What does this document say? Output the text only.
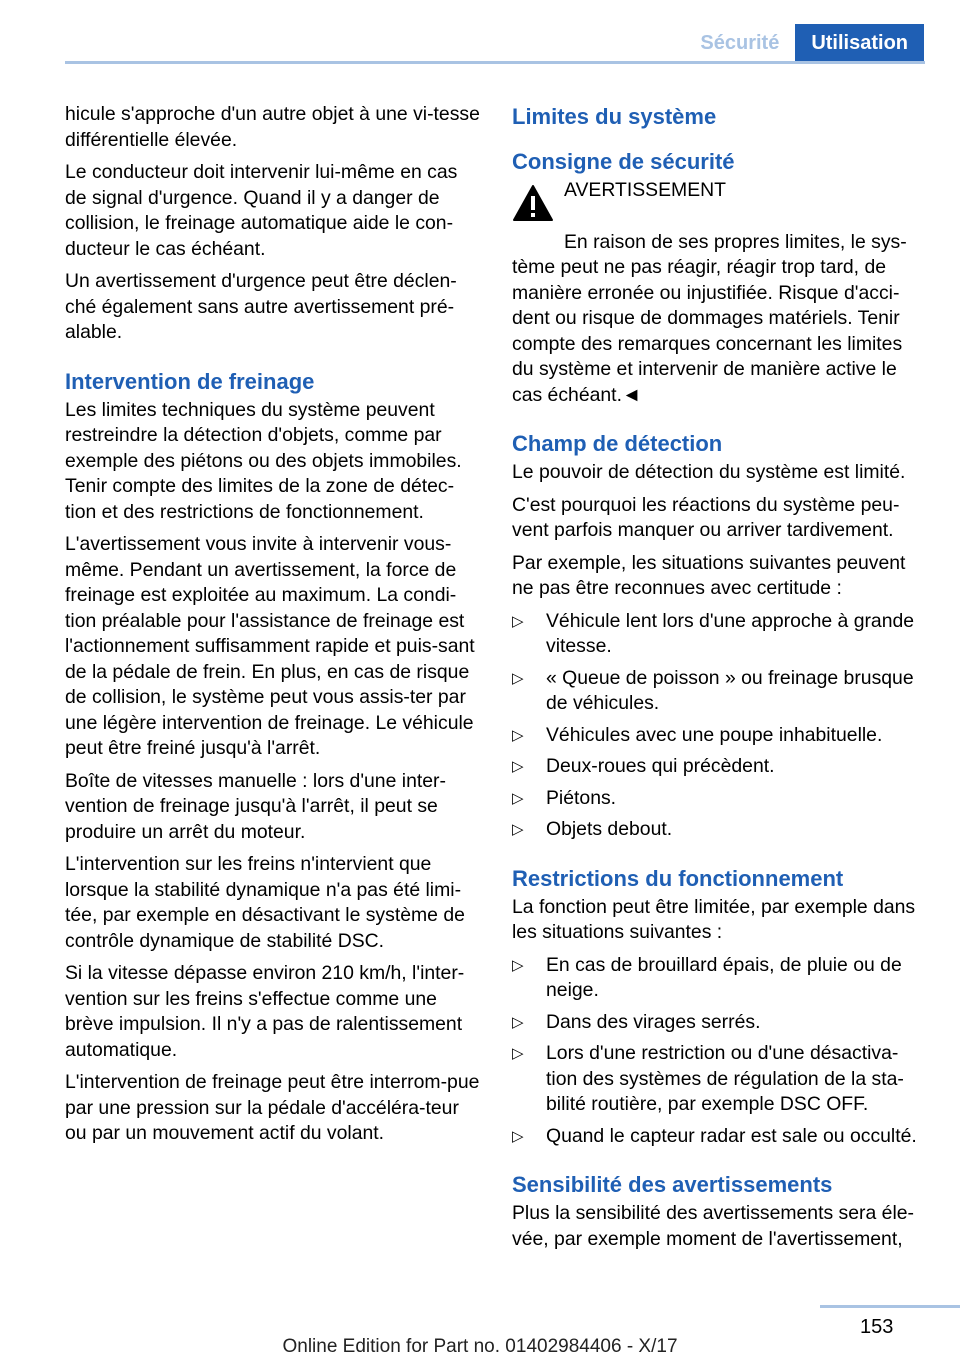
Sécurité	Utilisation

hicule s'approche d'un autre objet à une vi-tesse différentielle élevée.

Le conducteur doit intervenir lui-même en cas de signal d'urgence. Quand il y a danger de collision, le freinage automatique aide le con-ducteur le cas échéant.

Un avertissement d'urgence peut être déclen-ché également sans autre avertissement pré-alable.

Intervention de freinage

Les limites techniques du système peuvent restreindre la détection d'objets, comme par exemple des piétons ou des objets immobiles. Tenir compte des limites de la zone de détec-tion et des restrictions de fonctionnement.

L'avertissement vous invite à intervenir vous-même. Pendant un avertissement, la force de freinage est exploitée au maximum. La condi-tion préalable pour l'assistance de freinage est l'actionnement suffisamment rapide et puis-sant de la pédale de frein. En plus, en cas de risque de collision, le système peut vous assis-ter par une légère intervention de freinage. Le véhicule peut être freiné jusqu'à l'arrêt.

Boîte de vitesses manuelle : lors d'une inter-vention de freinage jusqu'à l'arrêt, il peut se produire un arrêt du moteur.

L'intervention sur les freins n'intervient que lorsque la stabilité dynamique n'a pas été limi-tée, par exemple en désactivant le système de contrôle dynamique de stabilité DSC.

Si la vitesse dépasse environ 210 km/h, l'inter-vention sur les freins s'effectue comme une brève impulsion. Il n'y a pas de ralentissement automatique.

L'intervention de freinage peut être interrom-pue par une pression sur la pédale d'accéléra-teur ou par un mouvement actif du volant.

Limites du système
Consigne de sécurité

AVERTISSEMENT

En raison de ses propres limites, le sys-tème peut ne pas réagir, réagir trop tard, de manière erronée ou injustifiée. Risque d'acci-dent ou risque de dommages matériels. Tenir compte des remarques concernant les limites du système et intervenir de manière active le cas échéant.◄

Champ de détection

Le pouvoir de détection du système est limité.

C'est pourquoi les réactions du système peu-vent parfois manquer ou arriver tardivement.

Par exemple, les situations suivantes peuvent ne pas être reconnues avec certitude :

▷	Véhicule lent lors d'une approche à grande vitesse.
▷	« Queue de poisson » ou freinage brusque de véhicules.
▷	Véhicules avec une poupe inhabituelle.
▷	Deux-roues qui précèdent.
▷	Piétons.
▷	Objets debout.
Restrictions du fonctionnement

La fonction peut être limitée, par exemple dans les situations suivantes :

▷	En cas de brouillard épais, de pluie ou de neige.
▷	Dans des virages serrés.
▷	Lors d'une restriction ou d'une désactiva-tion des systèmes de régulation de la sta-bilité routière, par exemple DSC OFF.
▷	Quand le capteur radar est sale ou occulté.
Sensibilité des avertissements

Plus la sensibilité des avertissements sera éle-vée, par exemple moment de l'avertissement,

153
Online Edition for Part no. 01402984406 - X/17
